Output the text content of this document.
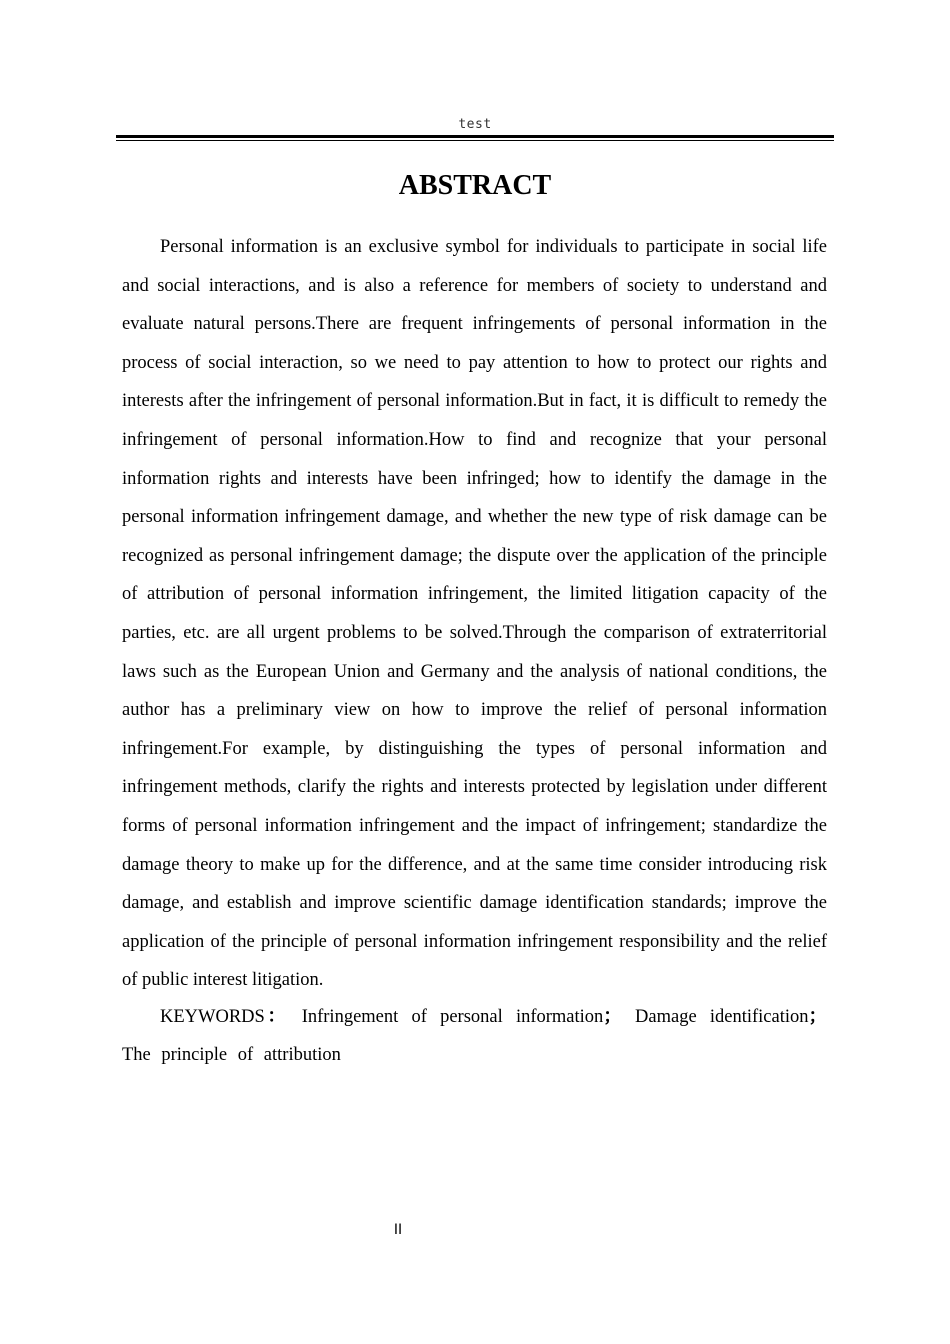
test
ABSTRACT

Personal information is an exclusive symbol for individuals to participate in social life and social interactions, and is also a reference for members of society to understand and evaluate natural persons.There are frequent infringements of personal information in the process of social interaction, so we need to pay attention to how to protect our rights and interests after the infringement of personal information.But in fact, it is difficult to remedy the infringement of personal information.How to find and recognize that your personal information rights and interests have been infringed; how to identify the damage in the personal information infringement damage, and whether the new type of risk damage can be recognized as personal infringement damage; the dispute over the application of the principle of attribution of personal information infringement, the limited litigation capacity of the parties, etc. are all urgent problems to be solved.Through the comparison of extraterritorial laws such as the European Union and Germany and the analysis of national conditions, the author has a preliminary view on how to improve the relief of personal information infringement.For example, by distinguishing the types of personal information and infringement methods, clarify the rights and interests protected by legislation under different forms of personal information infringement and the impact of infringement; standardize the damage theory to make up for the difference, and at the same time consider introducing risk damage, and establish and improve scientific damage identification standards; improve the application of the principle of personal information infringement responsibility and the relief of public interest litigation.

KEYWORDS： Infringement of personal information； Damage identification； The principle of attribution

II
